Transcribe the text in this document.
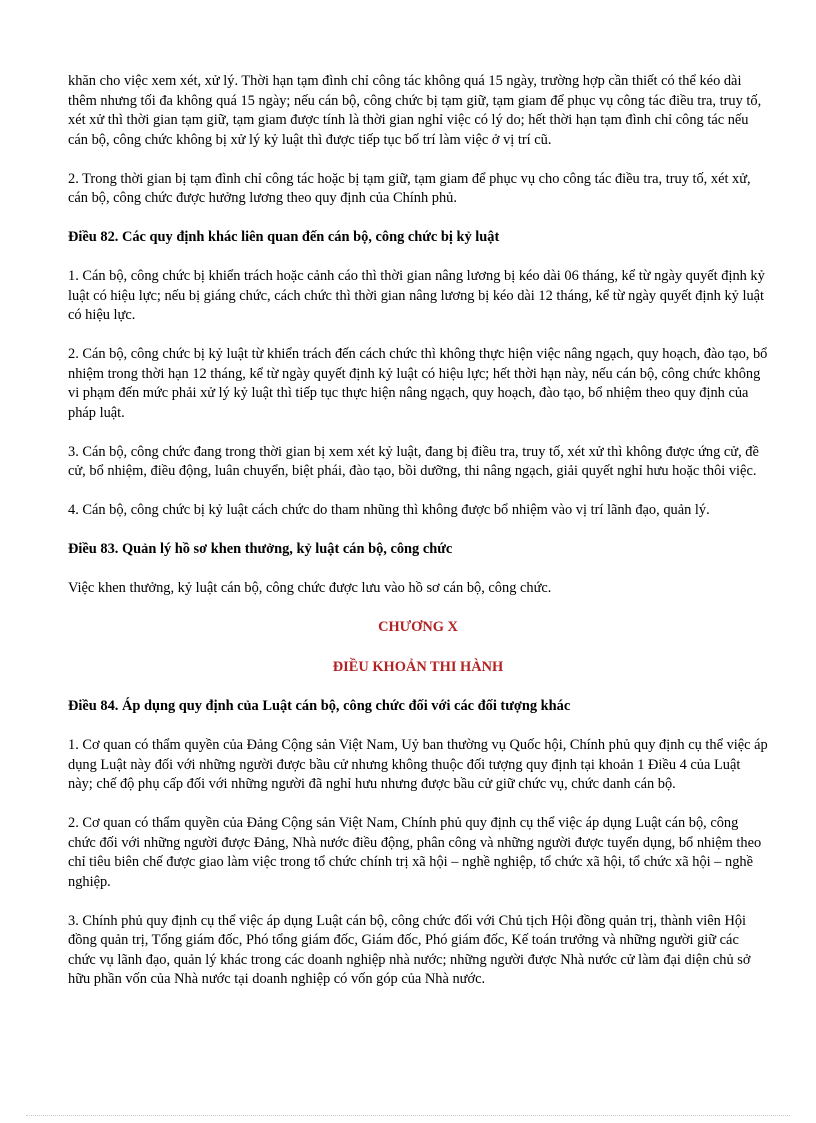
khăn cho việc xem xét, xử lý. Thời hạn tạm đình chỉ công tác không quá 15 ngày, trường hợp cần thiết có thể kéo dài thêm nhưng tối đa không quá 15 ngày; nếu cán bộ, công chức bị tạm giữ, tạm giam để phục vụ công tác điều tra, truy tố, xét xử thì thời gian tạm giữ, tạm giam được tính là thời gian nghỉ việc có lý do; hết thời hạn tạm đình chỉ công tác nếu cán bộ, công chức không bị xử lý kỷ luật thì được tiếp tục bố trí làm việc ở vị trí cũ.

2. Trong thời gian bị tạm đình chỉ công tác hoặc bị tạm giữ, tạm giam để phục vụ cho công tác điều tra, truy tố, xét xử, cán bộ, công chức được hưởng lương theo quy định của Chính phủ.

Điều 82. Các quy định khác liên quan đến cán bộ, công chức bị kỷ luật

1. Cán bộ, công chức bị khiển trách hoặc cảnh cáo thì thời gian nâng lương bị kéo dài 06 tháng, kể từ ngày quyết định kỷ luật có hiệu lực; nếu bị giáng chức, cách chức thì thời gian nâng lương bị kéo dài 12 tháng, kể từ ngày quyết định kỷ luật có hiệu lực.

2. Cán bộ, công chức bị kỷ luật từ khiển trách đến cách chức thì không thực hiện việc nâng ngạch, quy hoạch, đào tạo, bổ nhiệm trong thời hạn 12 tháng, kể từ ngày quyết định kỷ luật có hiệu lực; hết thời hạn này, nếu cán bộ, công chức không vi phạm đến mức phải xử lý kỷ luật thì tiếp tục thực hiện nâng ngạch, quy hoạch, đào tạo, bổ nhiệm theo quy định của pháp luật.

3. Cán bộ, công chức đang trong thời gian bị xem xét kỷ luật, đang bị điều tra, truy tố, xét xử thì không được ứng cử, đề cử, bổ nhiệm, điều động, luân chuyển, biệt phái, đào tạo, bồi dưỡng, thi nâng ngạch, giải quyết nghỉ hưu hoặc thôi việc.

4. Cán bộ, công chức bị kỷ luật cách chức do tham nhũng thì không được bổ nhiệm vào vị trí lãnh đạo, quản lý.

Điều 83. Quản lý hồ sơ khen thưởng, kỷ luật cán bộ, công chức

Việc khen thưởng, kỷ luật cán bộ, công chức được lưu vào hồ sơ cán bộ, công chức.

CHƯƠNG X

ĐIỀU KHOẢN THI HÀNH

Điều 84. Áp dụng quy định của Luật cán bộ, công chức đối với các đối tượng khác

1. Cơ quan có thẩm quyền của Đảng Cộng sản Việt Nam, Uỷ ban thường vụ Quốc hội, Chính phủ quy định cụ thể việc áp dụng Luật này đối với những người được bầu cử nhưng không thuộc đối tượng quy định tại khoản 1 Điều 4 của Luật này; chế độ phụ cấp đối với những người đã nghỉ hưu nhưng được bầu cử giữ chức vụ, chức danh cán bộ.

2. Cơ quan có thẩm quyền của Đảng Cộng sản Việt Nam, Chính phủ quy định cụ thể việc áp dụng Luật cán bộ, công chức đối với những người được Đảng, Nhà nước điều động, phân công và những người được tuyển dụng, bổ nhiệm theo chỉ tiêu biên chế được giao làm việc trong tổ chức chính trị xã hội – nghề nghiệp, tổ chức xã hội, tổ chức xã hội – nghề nghiệp.

3. Chính phủ quy định cụ thể việc áp dụng Luật cán bộ, công chức đối với Chủ tịch Hội đồng quản trị, thành viên Hội đồng quản trị, Tổng giám đốc, Phó tổng giám đốc, Giám đốc, Phó giám đốc, Kế toán trưởng và những người giữ các chức vụ lãnh đạo, quản lý khác trong các doanh nghiệp nhà nước; những người được Nhà nước cử làm đại diện chủ sở hữu phần vốn của Nhà nước tại doanh nghiệp có vốn góp của Nhà nước.
